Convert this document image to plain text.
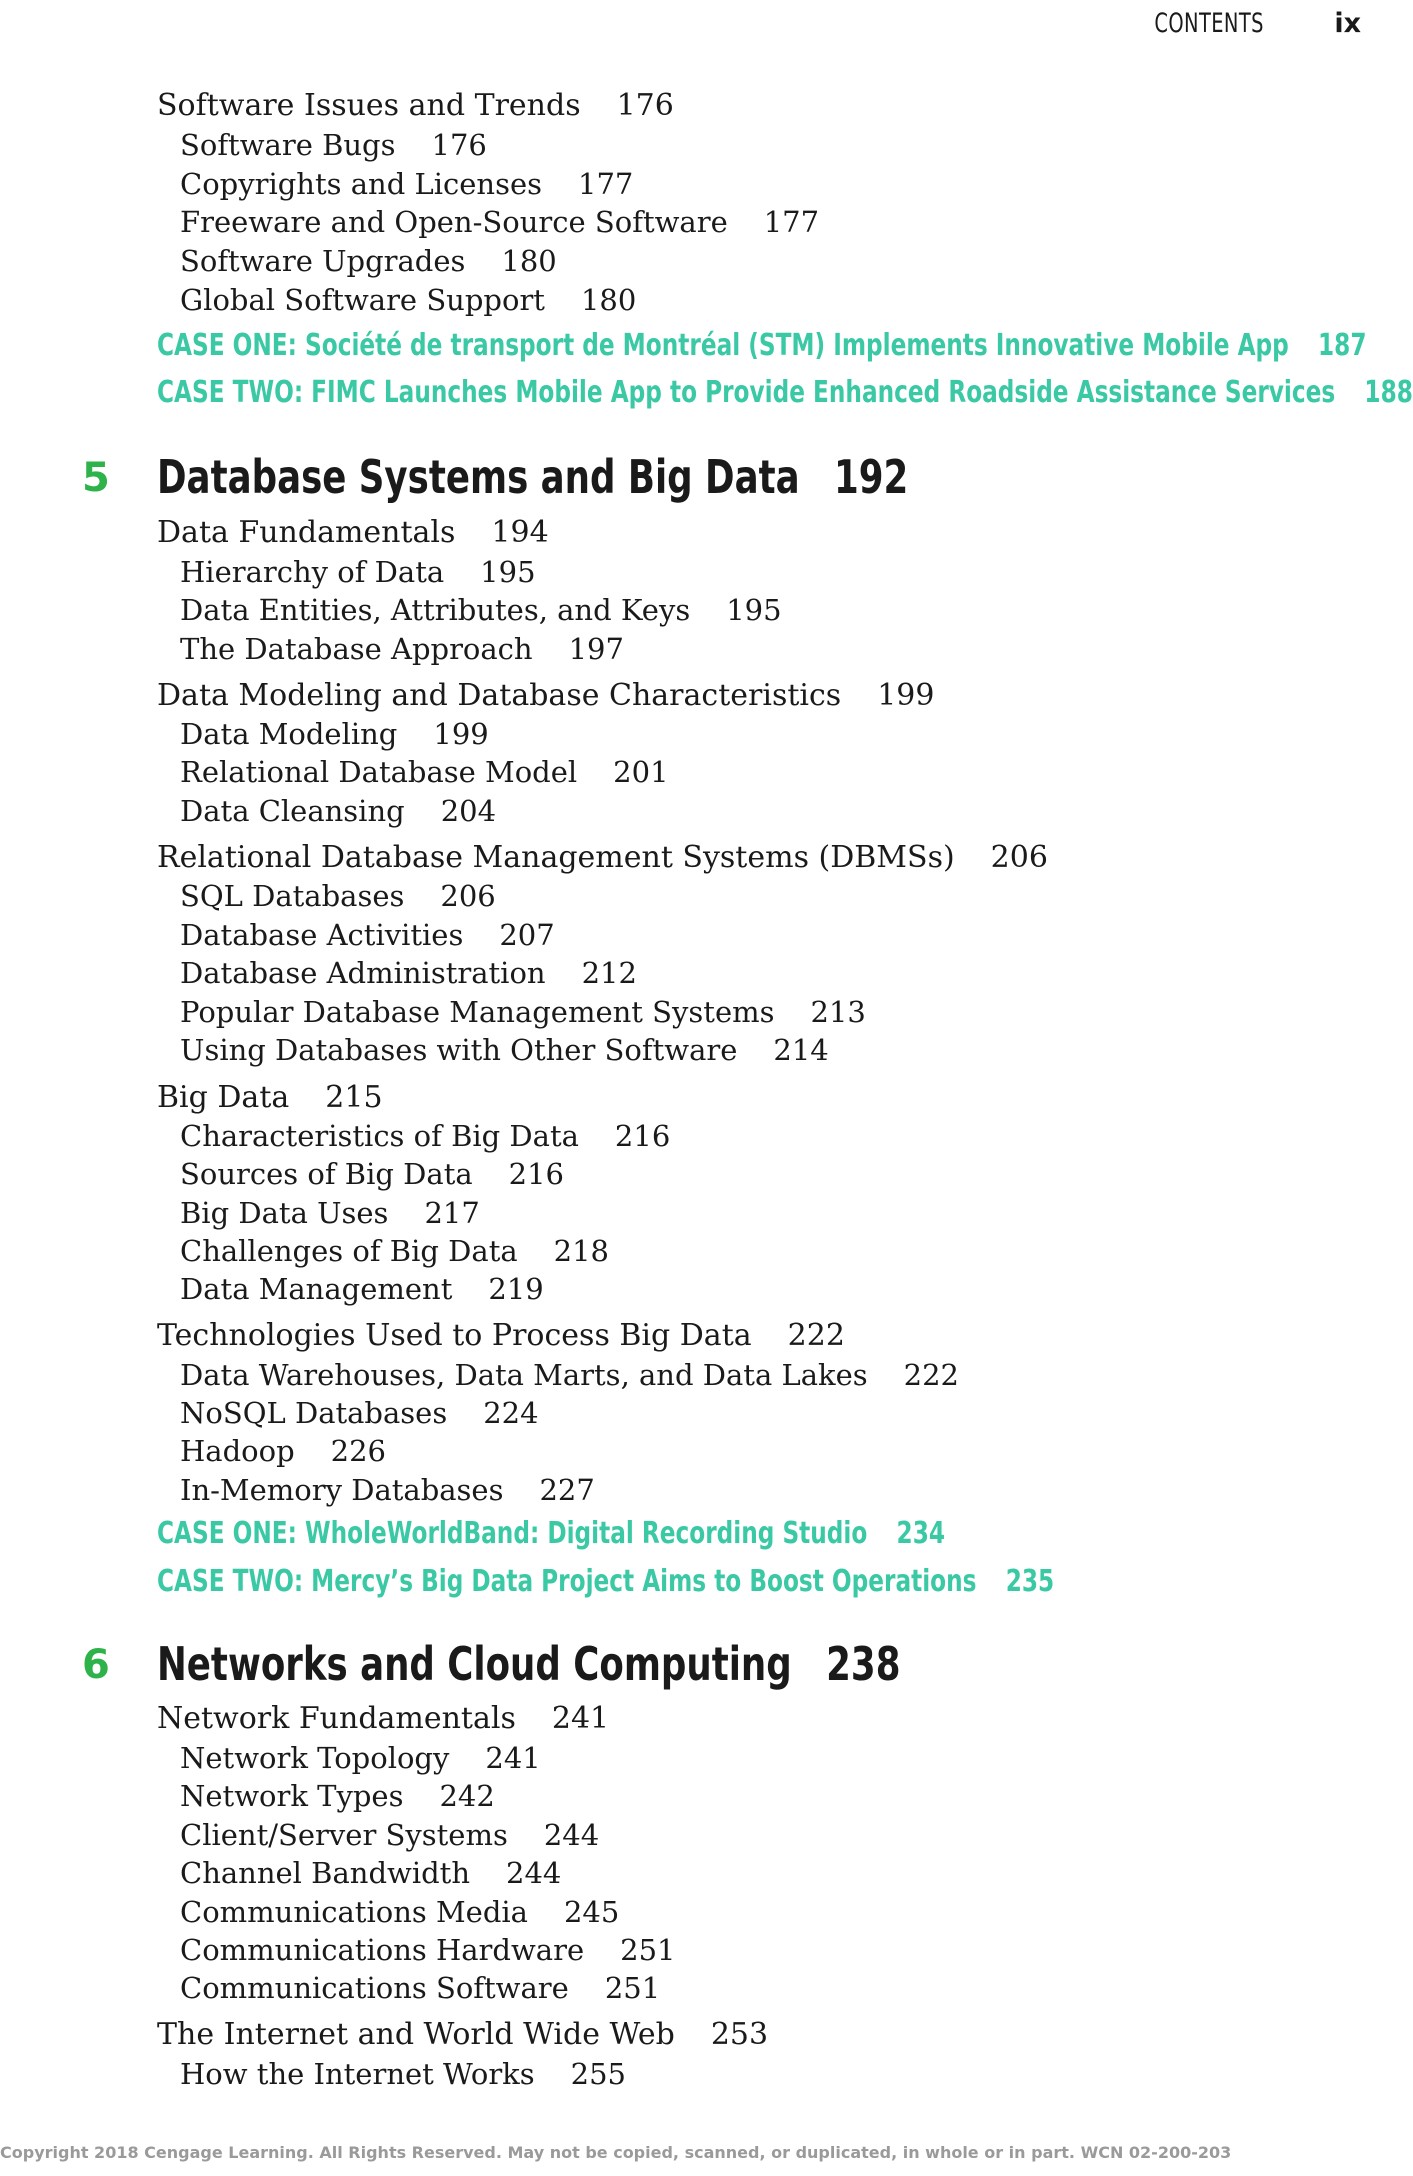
CONTENTS	ix
Software Issues and Trends 176
Software Bugs 176
Copyrights and Licenses 177
Freeware and Open-Source Software 177
Software Upgrades 180
Global Software Support 180
CASE ONE: Société de transport de Montréal (STM) Implements Innovative Mobile App 187
CASE TWO: FIMC Launches Mobile App to Provide Enhanced Roadside Assistance Services 188
5 Database Systems and Big Data 192
Data Fundamentals 194
Hierarchy of Data 195
Data Entities, Attributes, and Keys 195
The Database Approach 197
Data Modeling and Database Characteristics 199
Data Modeling 199
Relational Database Model 201
Data Cleansing 204
Relational Database Management Systems (DBMSs) 206
SQL Databases 206
Database Activities 207
Database Administration 212
Popular Database Management Systems 213
Using Databases with Other Software 214
Big Data 215
Characteristics of Big Data 216
Sources of Big Data 216
Big Data Uses 217
Challenges of Big Data 218
Data Management 219
Technologies Used to Process Big Data 222
Data Warehouses, Data Marts, and Data Lakes 222
NoSQL Databases 224
Hadoop 226
In-Memory Databases 227
CASE ONE: WholeWorldBand: Digital Recording Studio 234
CASE TWO: Mercy’s Big Data Project Aims to Boost Operations 235
6 Networks and Cloud Computing 238
Network Fundamentals 241
Network Topology 241
Network Types 242
Client/Server Systems 244
Channel Bandwidth 244
Communications Media 245
Communications Hardware 251
Communications Software 251
The Internet and World Wide Web 253
How the Internet Works 255
Copyright 2018 Cengage Learning. All Rights Reserved. May not be copied, scanned, or duplicated, in whole or in part. WCN 02-200-203
